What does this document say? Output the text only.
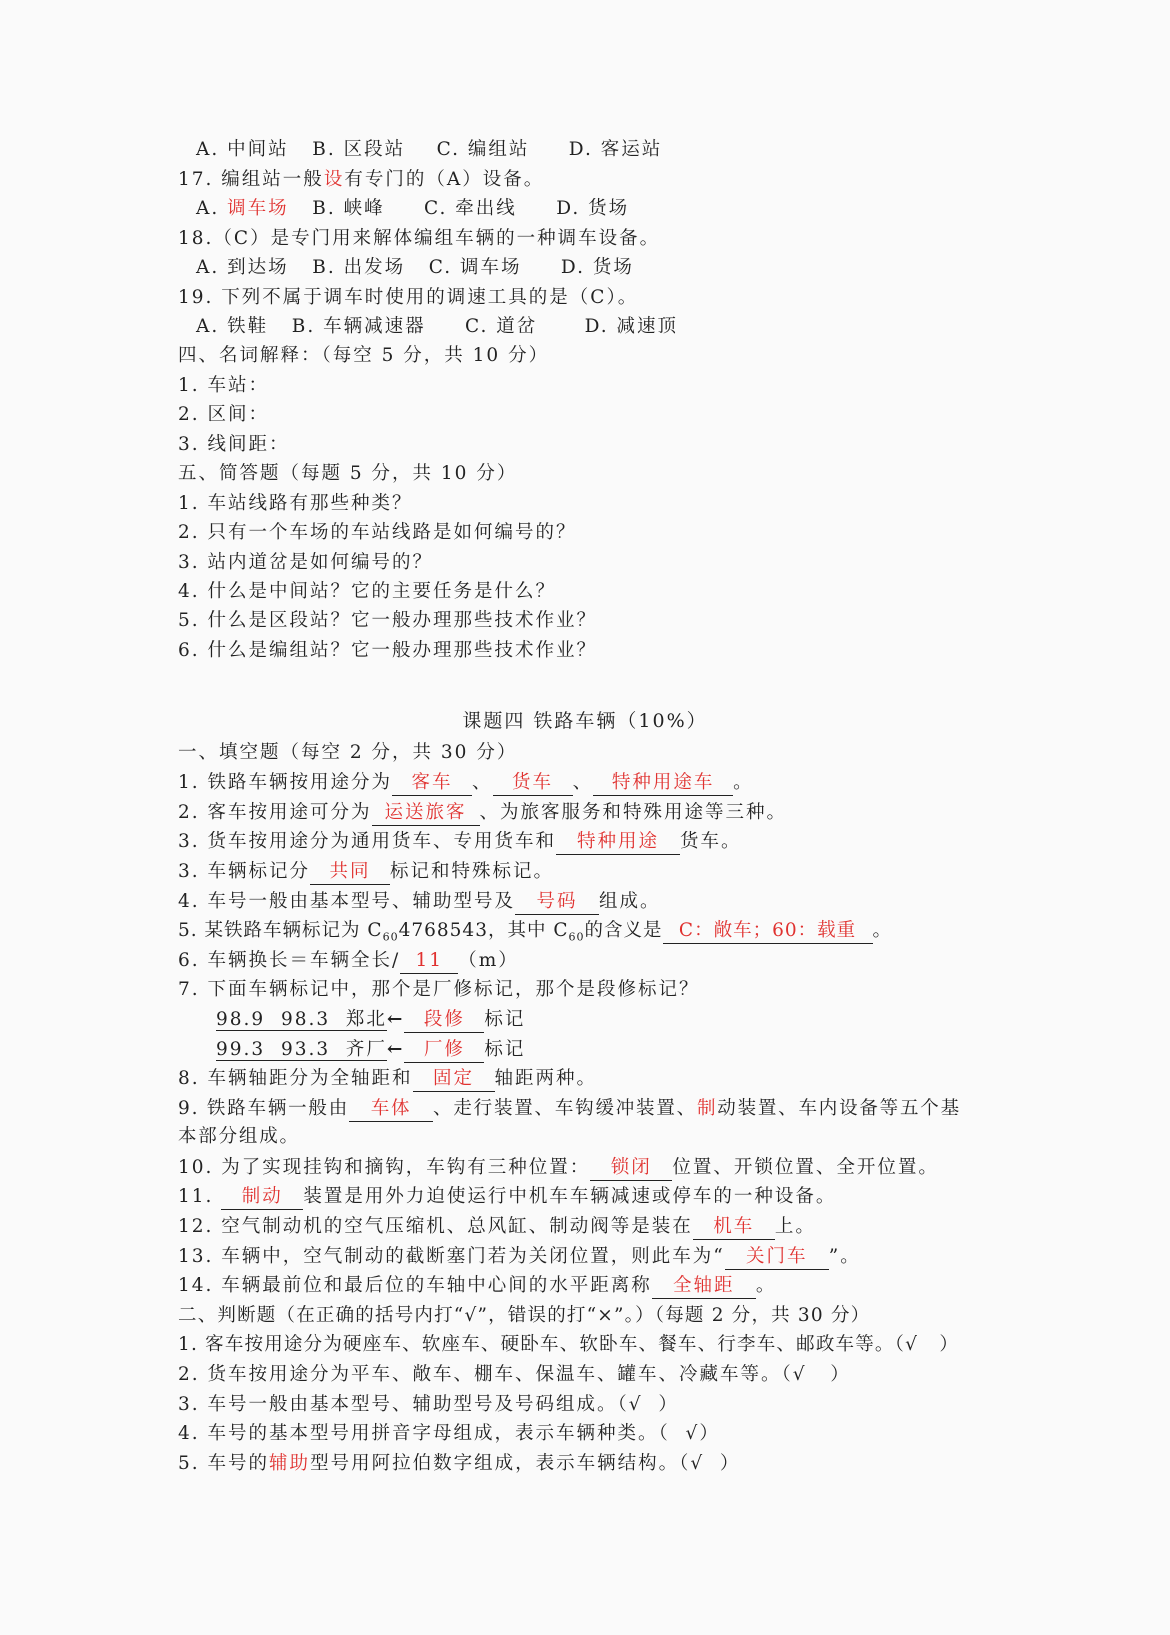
A. 中间站   B. 区段站    C. 编组站     D. 客运站
17. 编组站一般设有专门的（A）设备。
A. 调车场   B. 峡峰     C. 牵出线     D. 货场
18.（C）是专门用来解体编组车辆的一种调车设备。
A. 到达场   B. 出发场   C. 调车场     D. 货场
19. 下列不属于调车时使用的调速工具的是（C）。
A. 铁鞋   B. 车辆减速器     C. 道岔      D. 减速顶
四、名词解释：（每空 5 分，共 10 分）
1. 车站：
2. 区间：
3. 线间距：
五、简答题（每题 5 分，共 10 分）
1. 车站线路有那些种类？
2. 只有一个车场的车站线路是如何编号的？
3. 站内道岔是如何编号的？
4. 什么是中间站？它的主要任务是什么？
5. 什么是区段站？它一般办理那些技术作业？
6. 什么是编组站？它一般办理那些技术作业？
课题四 铁路车辆（10%）
一、填空题（每空 2 分，共 30 分）
1. 铁路车辆按用途分为 客车 、 货车 、 特种用途车 。
2. 客车按用途可分为 运送旅客 、为旅客服务和特殊用途等三种。
3. 货车按用途分为通用货车、专用货车和 特种用途 货车。
3. 车辆标记分 共同 标记和特殊标记。
4. 车号一般由基本型号、辅助型号及 号码 组成。
5. 某铁路车辆标记为 $C_{60}4768543$，其中 $C_{60}$的含义是 C：敞车；60：载重 。
6. 车辆换长＝车辆全长/ 11 （m）
7. 下面车辆标记中，那个是厂修标记，那个是段修标记？
98.9  98.3  郑北← 段修 标记
99.3  93.3  齐厂← 厂修 标记
8. 车辆轴距分为全轴距和 固定 轴距两种。
9. 铁路车辆一般由 车体 、走行装置、车钩缓冲装置、制动装置、车内设备等五个基本部分组成。
10. 为了实现挂钩和摘钩，车钩有三种位置： 锁闭 位置、开锁位置、全开位置。
11. 制动 装置是用外力迫使运行中机车车辆减速或停车的一种设备。
12. 空气制动机的空气压缩机、总风缸、制动阀等是装在 机车 上。
13. 车辆中，空气制动的截断塞门若为关闭位置，则此车为“ 关门车 ”。
14. 车辆最前位和最后位的车轴中心间的水平距离称 全轴距 。
二、判断题（在正确的括号内打“√”，错误的打“×”。）（每题 2 分，共 30 分）
1. 客车按用途分为硬座车、软座车、硬卧车、软卧车、餐车、行李车、邮政车等。（√   ）
2. 货车按用途分为平车、敞车、棚车、保温车、罐车、冷藏车等。（√   ）
3. 车号一般由基本型号、辅助型号及号码组成。（√  ）
4. 车号的基本型号用拼音字母组成，表示车辆种类。（  √）
5. 车号的辅助型号用阿拉伯数字组成，表示车辆结构。（√  ）
